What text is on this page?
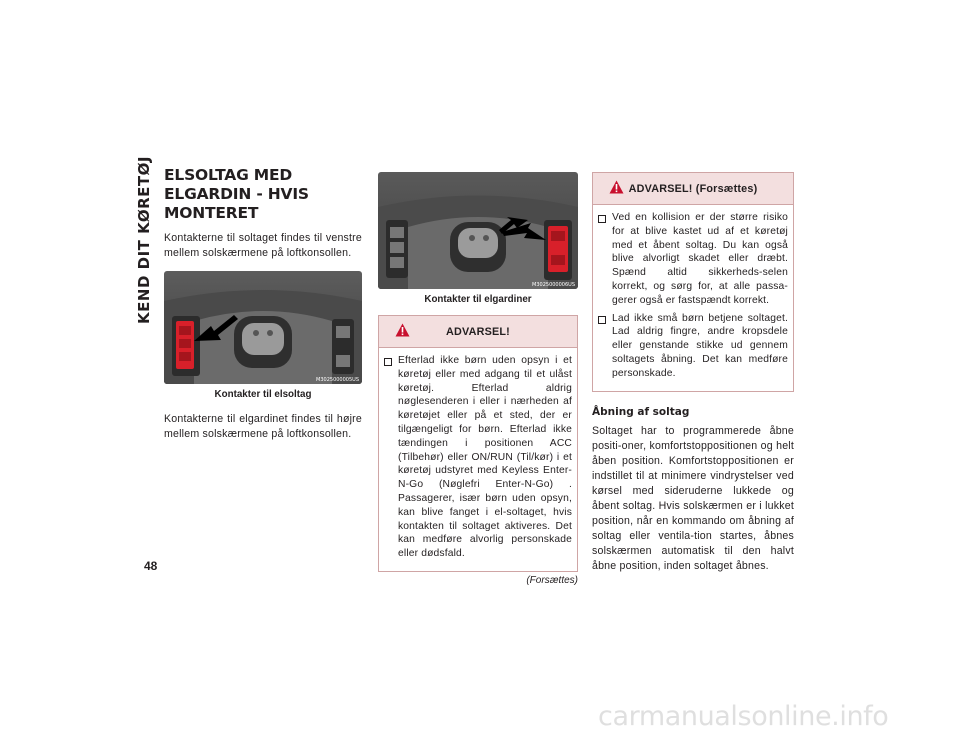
KEND DIT KØRETØJ
48
ELSOLTAG MED ELGARDIN - HVIS MONTERET

Kontakterne til soltaget findes til venstre mellem solskærmene på loftkonsollen.

M3025000005US
Kontakter til elsoltag

Kontakterne til elgardinet findes til højre mellem solskærmene på loftkonsollen.

M3025000006US
Kontakter til elgardiner
ADVARSEL!
Efterlad ikke børn uden opsyn i et køretøj eller med adgang til et ulåst køretøj. Efterlad aldrig nøglesenderen i eller i nærheden af køretøjet eller på et sted, der er tilgængeligt for børn. Efterlad ikke tændingen i positionen ACC (Tilbehør) eller ON/RUN (Til/kør) i et køretøj udstyret med Keyless Enter-N-Go (Nøglefri Enter-N-Go) . Passagerer, især børn uden opsyn, kan blive fanget i el-soltaget, hvis kontakten til soltaget aktiveres. Det kan medføre alvorlig personskade eller dødsfald.
(Forsættes)
ADVARSEL! (Forsættes)
Ved en kollision er der større risiko for at blive kastet ud af et køretøj med et åbent soltag. Du kan også blive alvorligt skadet eller dræbt. Spænd altid sikkerheds-selen korrekt, og sørg for, at alle passa-gerer også er fastspændt korrekt.
Lad ikke små børn betjene soltaget. Lad aldrig fingre, andre kropsdele eller genstande stikke ud gennem soltagets åbning. Det kan medføre personskade.
Åbning af soltag

Soltaget har to programmerede åbne positi-oner, komfortstoppositionen og helt åben position. Komfortstoppositionen er indstillet til at minimere vindrystelser ved kørsel med sideruderne lukkede og åbent soltag. Hvis solskærmen er i lukket position, når en kommando om åbning af soltag eller ventila-tion startes, åbnes solskærmen automatisk til den halvt åbne position, inden soltaget åbnes.

carmanualsonline.info
